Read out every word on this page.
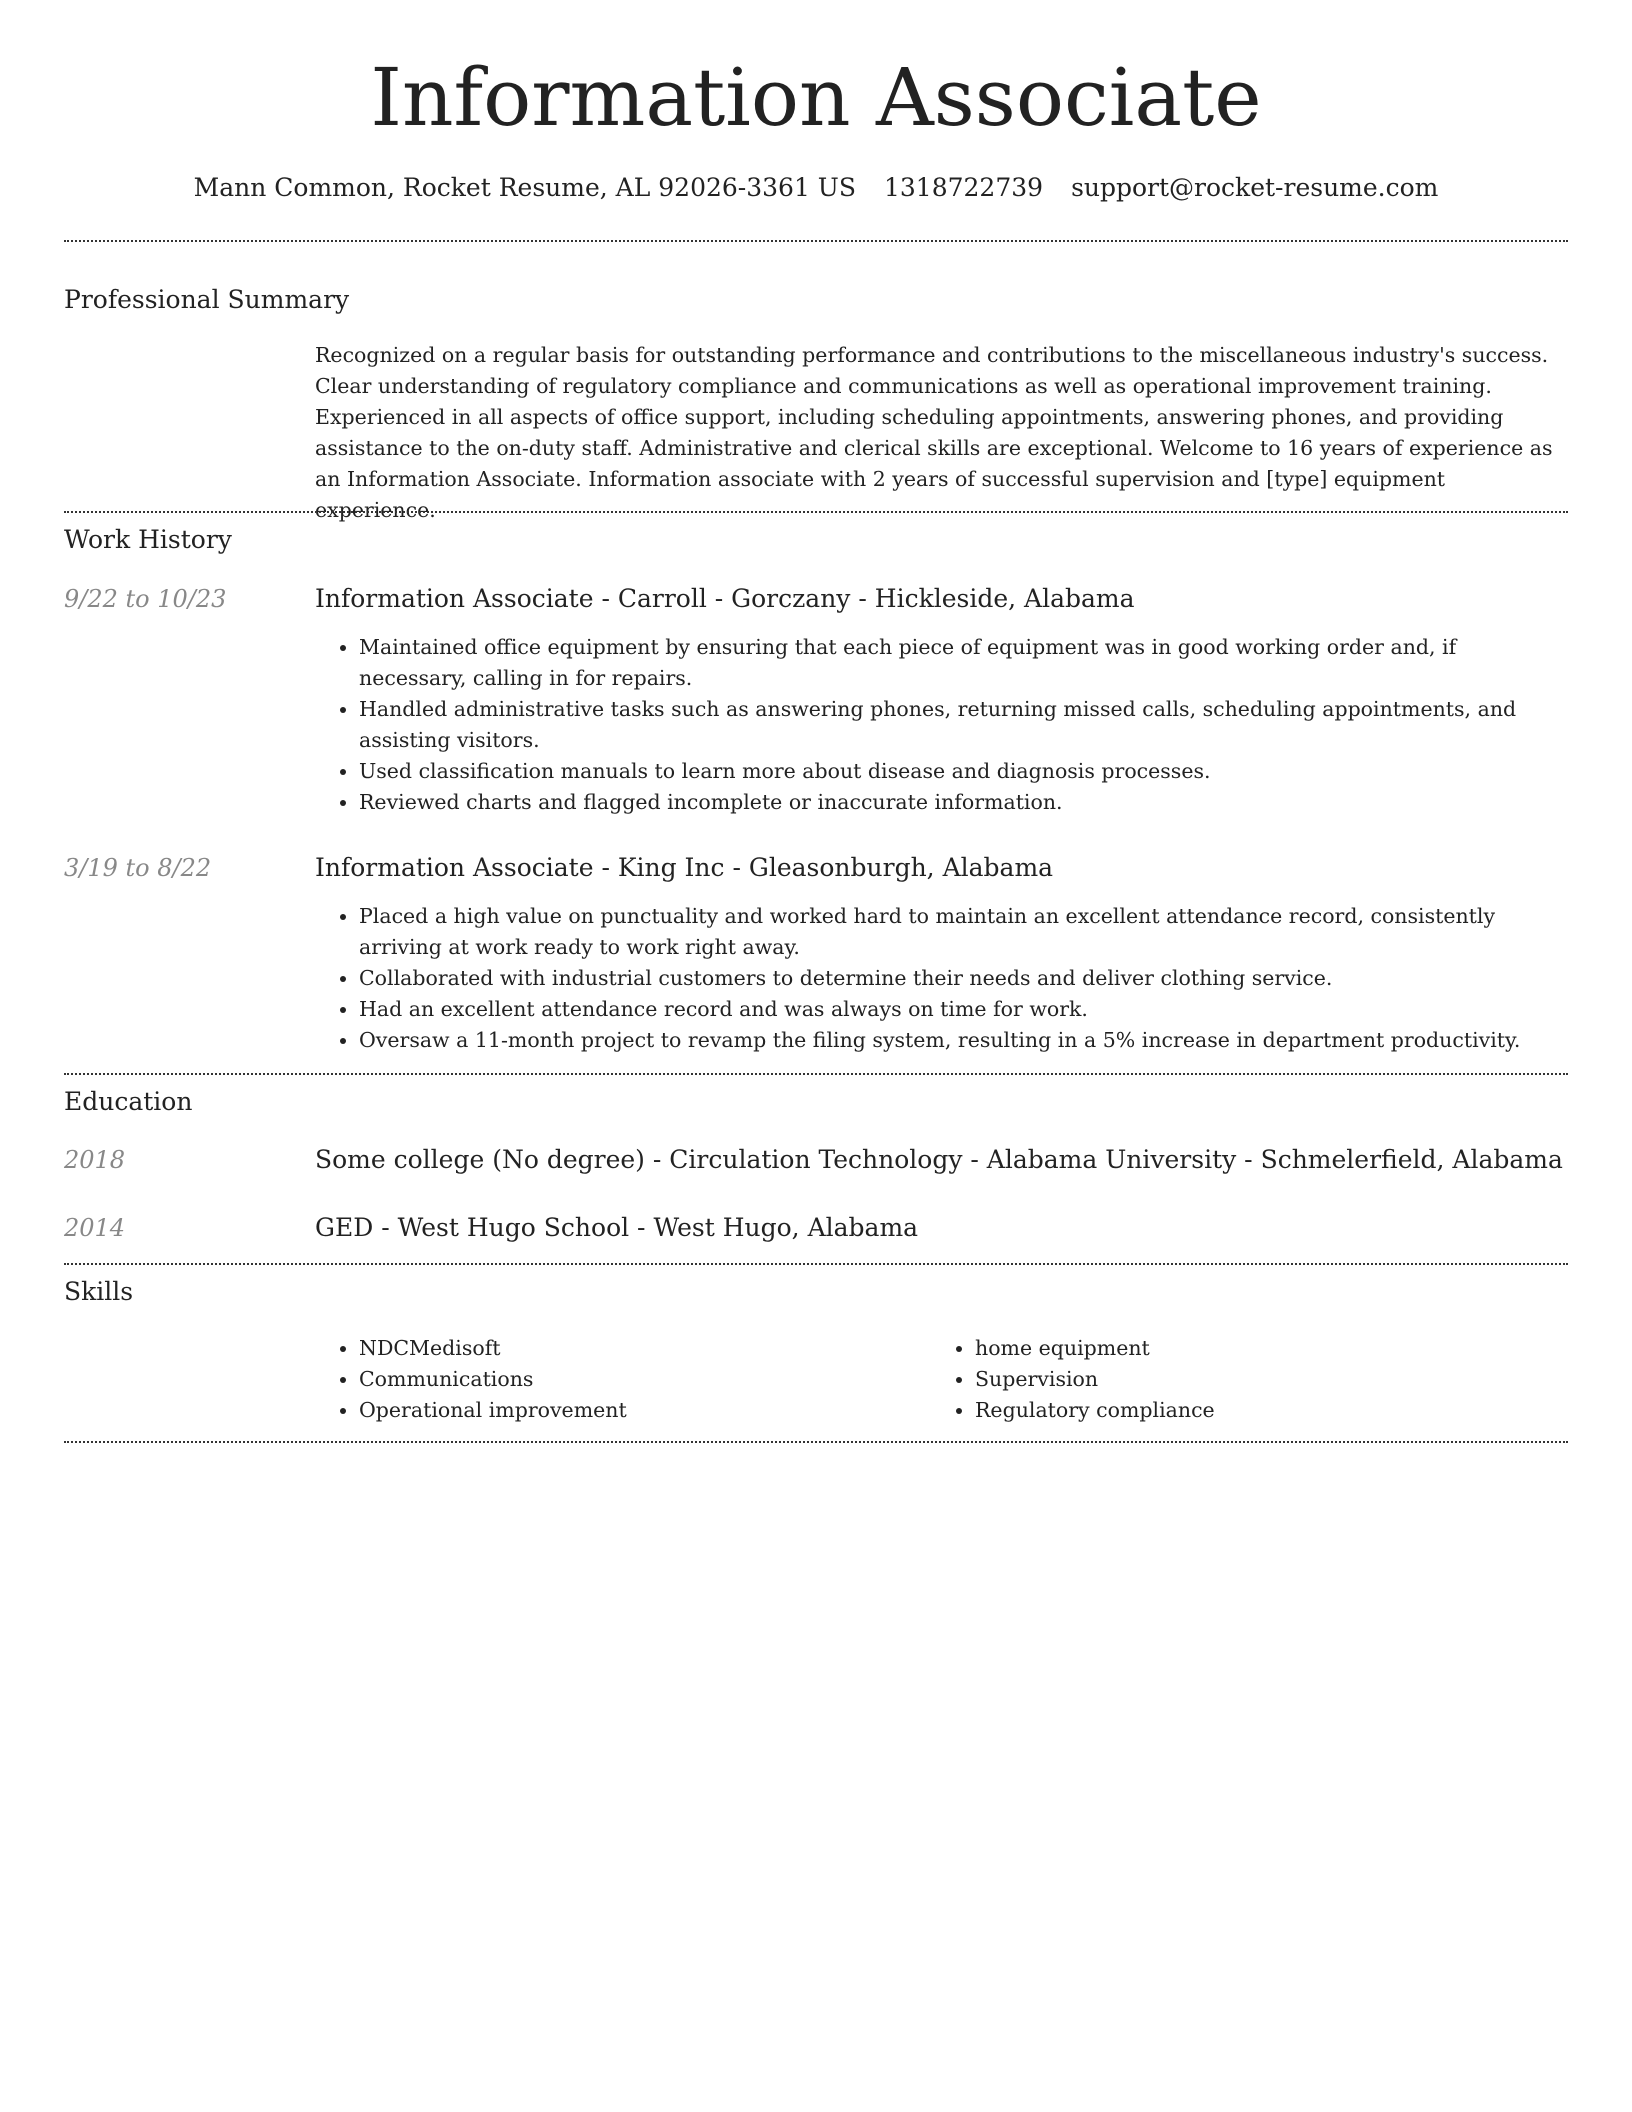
Information Associate
Mann Common, Rocket Resume, AL 92026-3361 US 1318722739 support@rocket-resume.com
Professional Summary
Recognized on a regular basis for outstanding performance and contributions to the miscellaneous industry's success. Clear understanding of regulatory compliance and communications as well as operational improvement training. Experienced in all aspects of office support, including scheduling appointments, answering phones, and providing assistance to the on-duty staff. Administrative and clerical skills are exceptional. Welcome to 16 years of experience as an Information Associate. Information associate with 2 years of successful supervision and [type] equipment experience.
Work History
9/22 to 10/23	Information Associate - Carroll - Gorczany - Hickleside, Alabama
• Maintained office equipment by ensuring that each piece of equipment was in good working order and, if necessary, calling in for repairs.
• Handled administrative tasks such as answering phones, returning missed calls, scheduling appointments, and assisting visitors.
• Used classification manuals to learn more about disease and diagnosis processes.
• Reviewed charts and flagged incomplete or inaccurate information.
3/19 to 8/22	Information Associate - King Inc - Gleasonburgh, Alabama
• Placed a high value on punctuality and worked hard to maintain an excellent attendance record, consistently arriving at work ready to work right away.
• Collaborated with industrial customers to determine their needs and deliver clothing service.
• Had an excellent attendance record and was always on time for work.
• Oversaw a 11-month project to revamp the filing system, resulting in a 5% increase in department productivity.
Education
2018	Some college (No degree) - Circulation Technology - Alabama University - Schmelerfield, Alabama
2014	GED - West Hugo School - West Hugo, Alabama
Skills
• NDCMedisoft
• Communications
• Operational improvement
• home equipment
• Supervision
• Regulatory compliance
